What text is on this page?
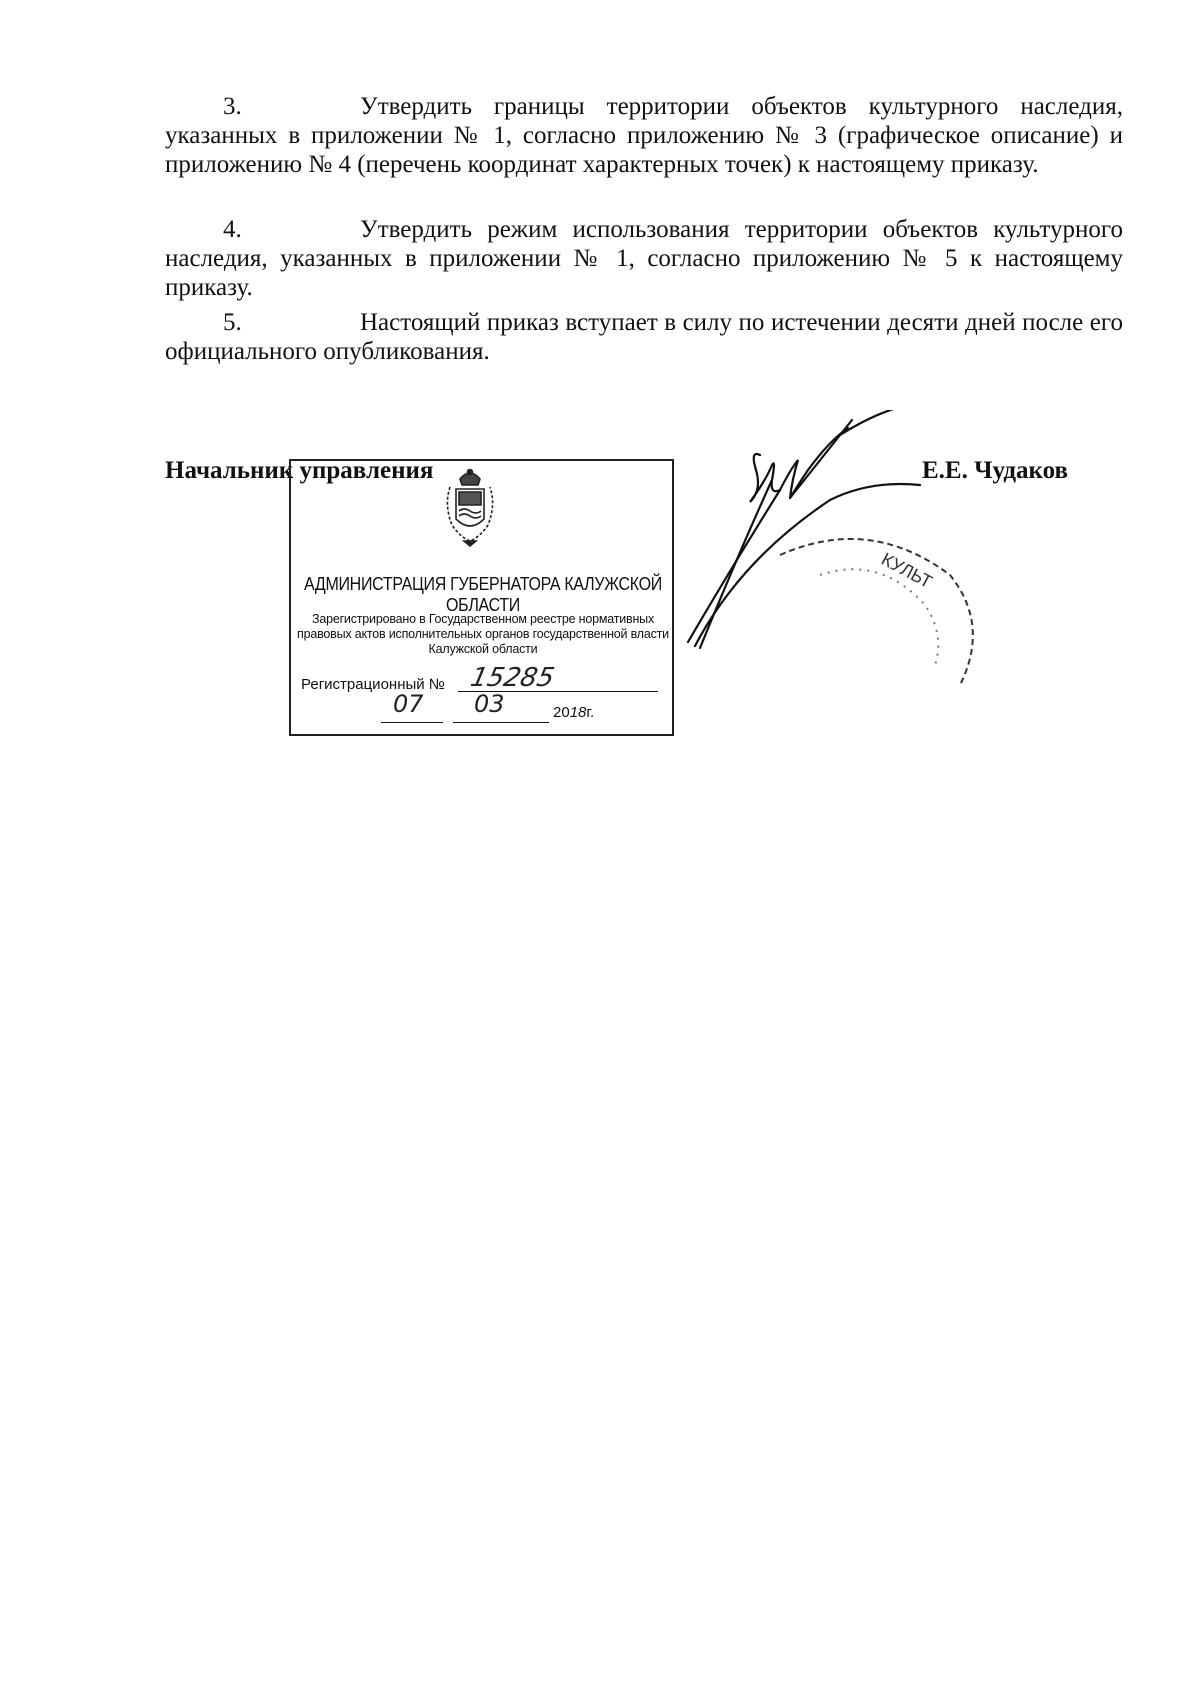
3.	Утвердить границы территории объектов культурного наследия, указанных в приложении № 1, согласно приложению № 3 (графическое описание) и приложению № 4 (перечень координат характерных точек) к настоящему приказу.
4.	Утвердить режим использования территории объектов культурного наследия, указанных в приложении № 1, согласно приложению № 5 к настоящему приказу.
5.	Настоящий приказ вступает в силу по истечении десяти дней после его официального опубликования.
Начальник управления	Е.Е. Чудаков
АДМИНИСТРАЦИЯ ГУБЕРНАТОРА КАЛУЖСКОЙ ОБЛАСТИ
Зарегистрировано в Государственном реестре нормативных правовых актов исполнительных органов государственной власти Калужской области
Регистрационный № 15285
07 03	2018г.
КУЛЬТ
